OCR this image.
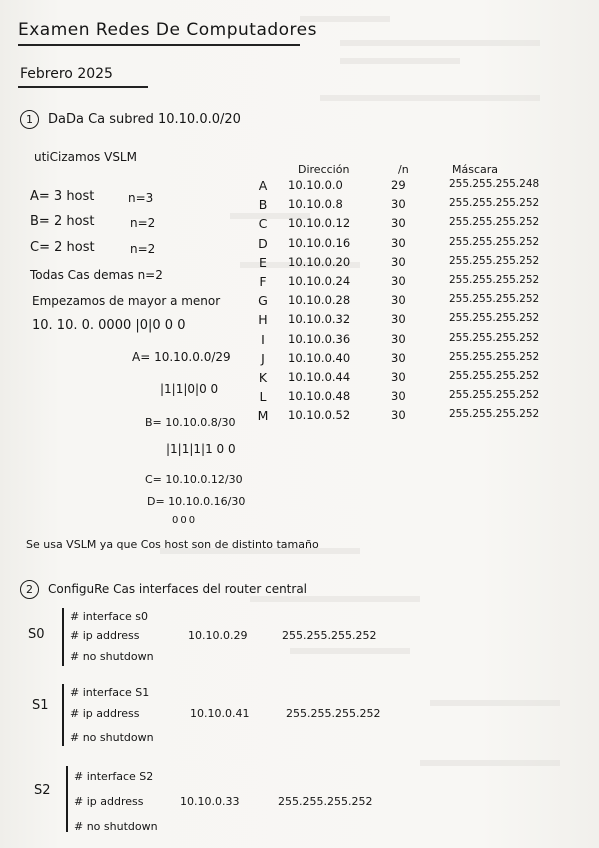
Examen Redes De Computadores
Febrero 2025
1	DaDa Ca subred 10.10.0.0/20
utiCizamos VSLM
A= 3 host	n=3
B= 2 host	n=2
C= 2 host	n=2
Todas Cas demas n=2
Empezamos de mayor a menor
10. 10. 0. 0000 |0|0 0 0
A= 10.10.0.0/29
|1|1|0|0 0
B= 10.10.0.8/30
|1|1|1|1 0 0
C= 10.10.0.12/30
D= 10.10.0.16/30
000
Dirección	/n	Máscara
A	10.10.0.0	29	255.255.255.248
B	10.10.0.8	30	255.255.255.252
C	10.10.0.12	30	255.255.255.252
D 10.10.0.16	30	255.255.255.252
E	10.10.0.20	30	255.255.255.252
F	10.10.0.24	30	255.255.255.252
G 10.10.0.28	30	255.255.255.252
H 10.10.0.32	30	255.255.255.252
I	10.10.0.36	30	255.255.255.252
J	10.10.0.40	30	255.255.255.252
K	10.10.0.44	30	255.255.255.252
L	10.10.0.48	30	255.255.255.252
M 10.10.0.52	30	255.255.255.252
Se usa VSLM ya que Cos host son de distinto tamaño
2	ConfiguRe Cas interfaces del router central
S0
# interface s0
# ip address	10.10.0.29	255.255.255.252
# no shutdown
S1
# interface S1
# ip address	10.10.0.41	255.255.255.252
# no shutdown
S2
# interface S2
# ip address	10.10.0.33	255.255.255.252
# no shutdown
